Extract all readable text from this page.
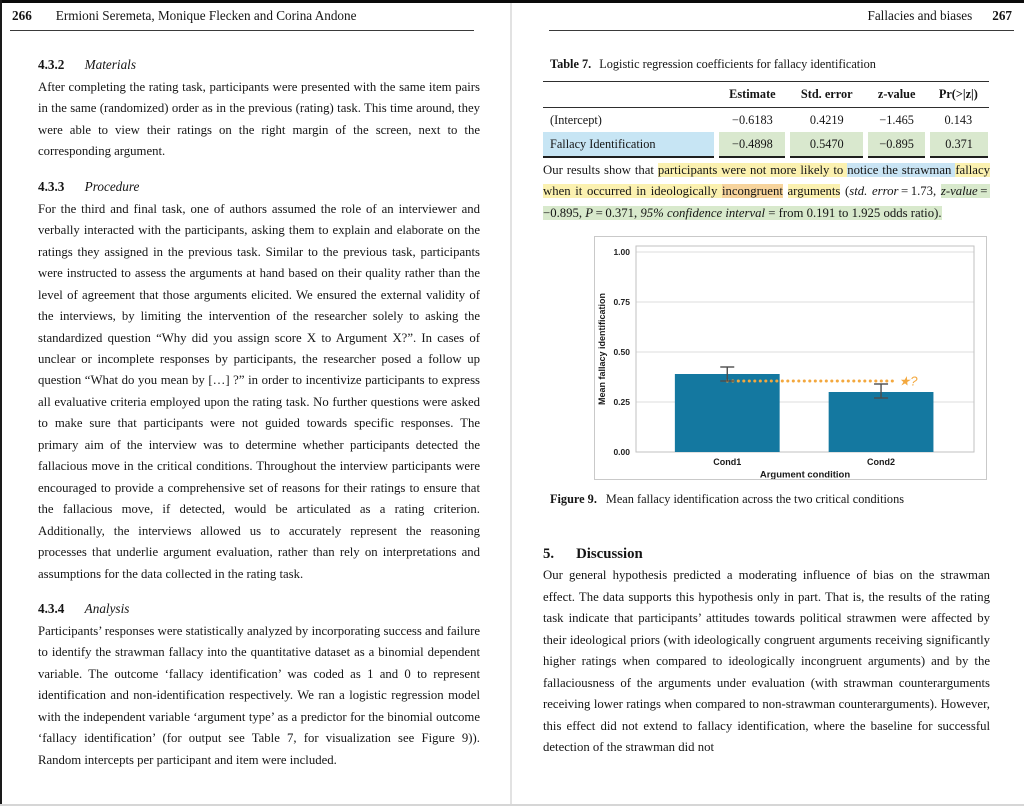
266 Ermioni Seremeta, Monique Flecken and Corina Andone
4.3.2 Materials

After completing the rating task, participants were presented with the same item pairs in the same (randomized) order as in the previous (rating) task. This time around, they were able to view their ratings on the right margin of the screen, next to the corresponding argument.

4.3.3 Procedure

For the third and final task, one of authors assumed the role of an interviewer and verbally interacted with the participants, asking them to explain and elaborate on the ratings they assigned in the previous task. Similar to the previous task, participants were instructed to assess the arguments at hand based on their quality rather than the level of agreement that those arguments elicited. We ensured the external validity of the interviews, by limiting the intervention of the researcher solely to asking the standardized question “Why did you assign score X to Argument X?”. In cases of unclear or incomplete responses by participants, the researcher posed a follow up question “What do you mean by […] ?” in order to incentivize participants to express all evaluative criteria employed upon the rating task. No further questions were asked to make sure that participants were not guided towards specific responses. The primary aim of the interview was to determine whether participants detected the fallacious move in the critical conditions. Throughout the interview participants were encouraged to provide a comprehensive set of reasons for their ratings to ensure that the fallacious move, if detected, would be articulated as a rating criterion. Additionally, the interviews allowed us to accurately represent the reasoning processes that underlie argument evaluation, rather than rely on interpretations and assumptions for the data collected in the rating task.

4.3.4 Analysis

Participants’ responses were statistically analyzed by incorporating success and failure to identify the strawman fallacy into the quantitative dataset as a binomial dependent variable. The outcome ‘fallacy identification’ was coded as 1 and 0 to represent identification and non-identification respectively. We ran a logistic regression model with the independent variable ‘argument type’ as a predictor for the binomial outcome ‘fallacy identification’ (for output see Table 7, for visualization see Figure 9)). Random intercepts per participant and item were included.

Fallacies and biases 267

Table 7. Logistic regression coefficients for fallacy identification

	Estimate	Std. error	z-value	Pr(>|z|)
(Intercept)	−0.6183	0.4219	−1.465	0.143
Fallacy Identification	−0.4898	0.5470	−0.895	0.371

Our results show that participants were not more likely to notice the strawman fallacy when it occurred in ideologically incongruent arguments (std. error = 1.73, z-value = −0.895, P = 0.371, 95% confidence interval = from 0.191 to 1.925 odds ratio).

0.00
0.25
0.50
0.75
1.00
★?
Cond1	Cond2
Argument condition
Mean fallacy identification

Figure 9. Mean fallacy identification across the two critical conditions

5. Discussion

Our general hypothesis predicted a moderating influence of bias on the strawman effect. The data supports this hypothesis only in part. That is, the results of the rating task indicate that participants’ attitudes towards political strawmen were affected by their ideological priors (with ideologically congruent arguments receiving significantly higher ratings when compared to ideologically incongruent arguments) and by the fallaciousness of the arguments under evaluation (with strawman counterarguments receiving lower ratings when compared to non-strawman counterarguments). However, this effect did not extend to fallacy identification, where the baseline for successful detection of the strawman did not
